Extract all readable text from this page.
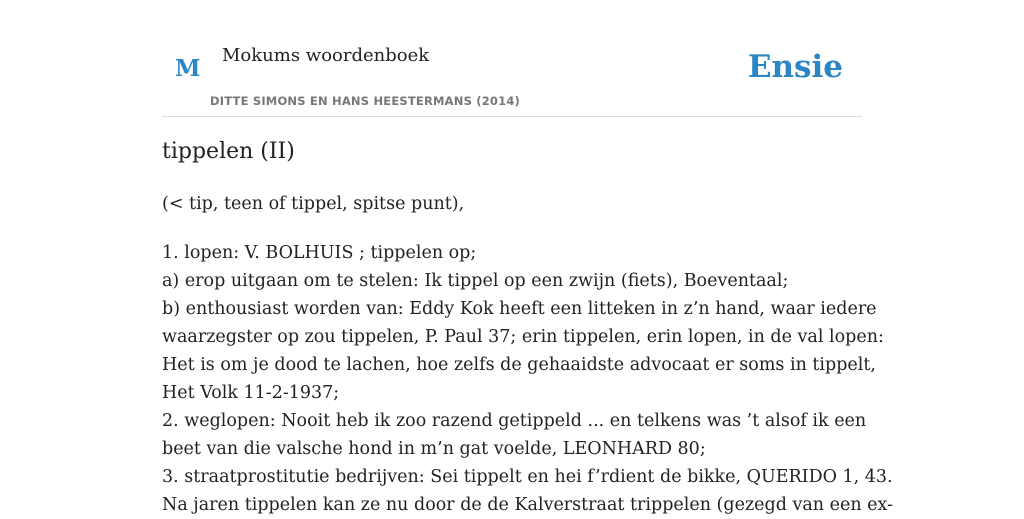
M Mokums woordenboek
DITTE SIMONS EN HANS HEESTERMANS (2014)
Ensie
tippelen (II)

(< tip, teen of tippel, spitse punt),

1. lopen: V. BOLHUIS ; tippelen op;
a) erop uitgaan om te stelen: Ik tippel op een zwijn (fiets), Boeventaal;
b) enthousiast worden van: Eddy Kok heeft een litteken in z’n hand, waar iedere
waarzegster op zou tippelen, P. Paul 37; erin tippelen, erin lopen, in de val lopen:
Het is om je dood te lachen, hoe zelfs de gehaaidste advocaat er soms in tippelt,
Het Volk 11-2-1937;
2. weglopen: Nooit heb ik zoo razend getippeld ... en telkens was ’t alsof ik een
beet van die valsche hond in m’n gat voelde, LEONHARD 80;
3. straatprostitutie bedrijven: Sei tippelt en hei f’rdient de bikke, QUERIDO 1, 43.
Na jaren tippelen kan ze nu door de de Kalverstraat trippelen (gezegd van een ex-
